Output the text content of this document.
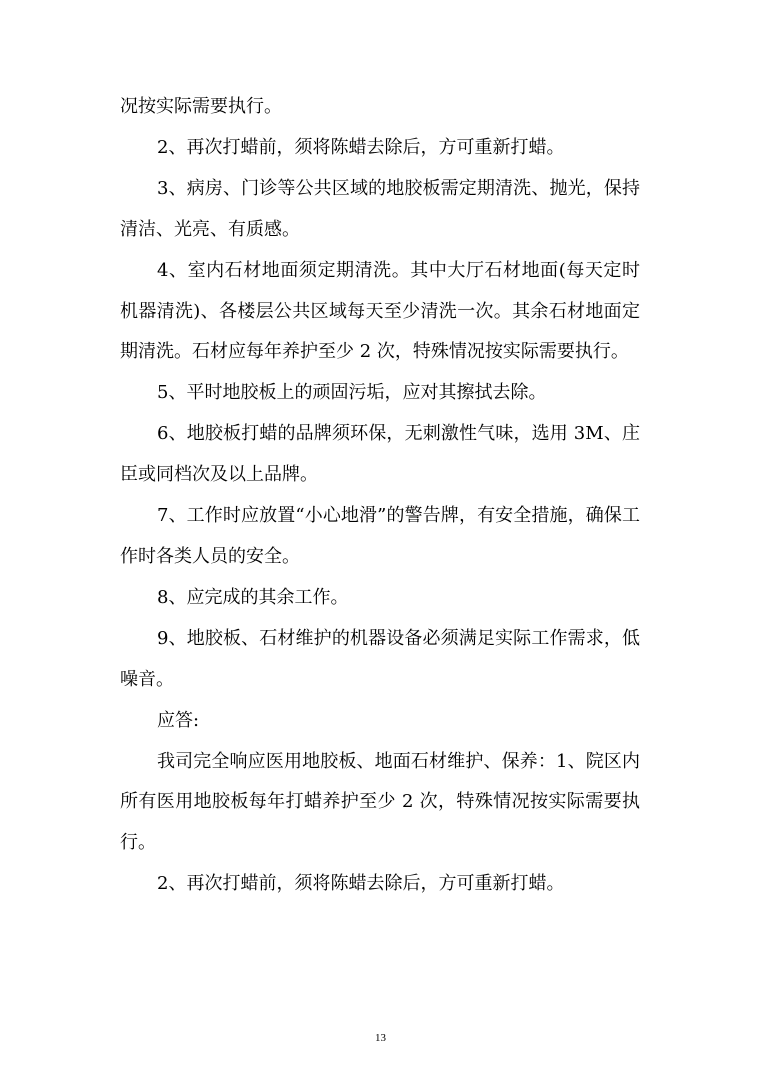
况按实际需要执行。

2、再次打蜡前，须将陈蜡去除后，方可重新打蜡。

3、病房、门诊等公共区域的地胶板需定期清洗、抛光，保持清洁、光亮、有质感。

4、室内石材地面须定期清洗。其中大厅石材地面(每天定时机器清洗)、各楼层公共区域每天至少清洗一次。其余石材地面定期清洗。石材应每年养护至少 2 次，特殊情况按实际需要执行。

5、平时地胶板上的顽固污垢，应对其擦拭去除。

6、地胶板打蜡的品牌须环保，无刺激性气味，选用 3M、庄臣或同档次及以上品牌。

7、工作时应放置“小心地滑”的警告牌，有安全措施，确保工作时各类人员的安全。

8、应完成的其余工作。

9、地胶板、石材维护的机器设备必须满足实际工作需求，低噪音。

应答:

我司完全响应医用地胶板、地面石材维护、保养：1、院区内所有医用地胶板每年打蜡养护至少 2 次，特殊情况按实际需要执行。

2、再次打蜡前，须将陈蜡去除后，方可重新打蜡。

13
